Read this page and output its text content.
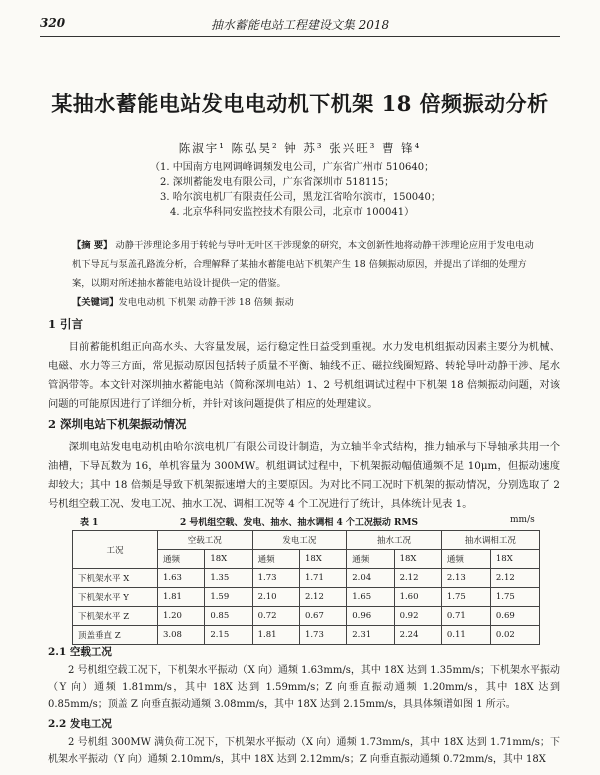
320	抽水蓄能电站工程建设文集 2018
某抽水蓄能电站发电电动机下机架 18 倍频振动分析
陈淑宇¹ 陈弘昊² 钟 苏³ 张兴旺³ 曹 锋⁴
（1. 中国南方电网调峰调频发电公司，广东省广州市 510640；
2. 深圳蓄能发电有限公司，广东省深圳市 518115；
3. 哈尔滨电机厂有限责任公司，黑龙江省哈尔滨市，150040；
4. 北京华科同安监控技术有限公司，北京市 100041）
【摘 要】 动静干涉理论多用于转轮与导叶无叶区干涉现象的研究，本文创新性地将动静干涉理论应用于发电电动机下导瓦与泵盖孔路流分析，合理解释了某抽水蓄能电站下机架产生 18 倍频振动原因，并提出了详细的处理方案，以期对所述抽水蓄能电站设计提供一定的借鉴。
【关键词】发电电动机 下机架 动静干涉 18 倍频 振动
1 引言
目前蓄能机组正向高水头、大容量发展，运行稳定性日益受到重视。水力发电机组振动因素主要分为机械、电磁、水力等三方面，常见振动原因包括转子质量不平衡、轴线不正、磁拉线圈短路、转轮导叶动静干涉、尾水管涡带等。本文针对深圳抽水蓄能电站（简称深圳电站）1、2 号机组调试过程中下机架 18 倍频振动问题，对该问题的可能原因进行了详细分析，并针对该问题提供了相应的处理建议。
2 深圳电站下机架振动情况
深圳电站发电电动机由哈尔滨电机厂有限公司设计制造，为立轴半伞式结构，推力轴承与下导轴承共用一个油槽，下导瓦数为 16，单机容量为 300MW。机组调试过程中，下机架振动幅值通频不足 10μm，但振动速度却较大；其中 18 倍频是导致下机架振速增大的主要原因。为对比不同工况时下机架的振动情况，分别选取了 2 号机组空载工况、发电工况、抽水工况、调相工况等 4 个工况进行了统计，具体统计见表 1。
表 1	2 号机组空载、发电、抽水、抽水调相 4 个工况振动 RMS	mm/s
工况	空载工况		发电工况		抽水工况		抽水调相工况	
	通频	18X	通频	18X	通频	18X	通频	18X
下机架水平 X	1.63	1.35	1.73	1.71	2.04	2.12	2.13	2.12
下机架水平 Y	1.81	1.59	2.10	2.12	1.65	1.60	1.75	1.75
下机架水平 Z	1.20	0.85	0.72	0.67	0.96	0.92	0.71	0.69
顶盖垂直 Z	3.08	2.15	1.81	1.73	2.31	2.24	0.11	0.02
2.1 空载工况
2 号机组空载工况下，下机架水平振动（X 向）通频 1.63mm/s，其中 18X 达到 1.35mm/s；下机架水平振动（Y 向）通频 1.81mm/s，其中 18X 达到 1.59mm/s；Z 向垂直振动通频 1.20mm/s，其中 18X 达到 0.85mm/s；顶盖 Z 向垂直振动通频 3.08mm/s，其中 18X 达到 2.15mm/s，具具体频谱如图 1 所示。
2.2 发电工况
2 号机组 300MW 满负荷工况下，下机架水平振动（X 向）通频 1.73mm/s，其中 18X 达到 1.71mm/s；下机架水平振动（Y 向）通频 2.10mm/s，其中 18X 达到 2.12mm/s；Z 向垂直振动通频 0.72mm/s，其中 18X
